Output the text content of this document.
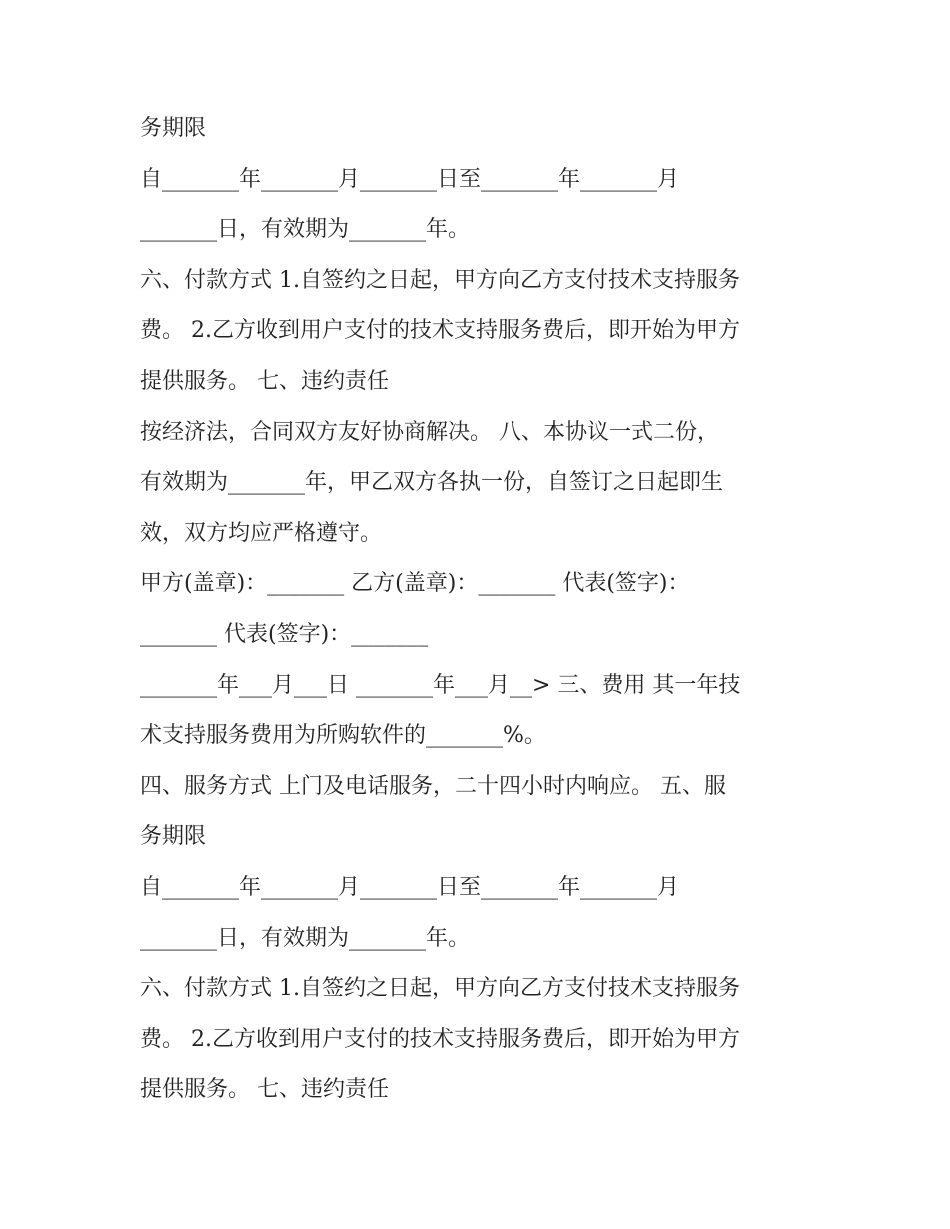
务期限

自_______年_______月_______日至_______年_______月

_______日，有效期为_______年。

六、付款方式 1.自签约之日起，甲方向乙方支付技术支持服务

费。 2.乙方收到用户支付的技术支持服务费后，即开始为甲方

提供服务。 七、违约责任

按经济法，合同双方友好协商解决。 八、本协议一式二份，

有效期为_______年，甲乙双方各执一份，自签订之日起即生

效，双方均应严格遵守。

甲方(盖章)：_______ 乙方(盖章)：_______ 代表(签字)：

_______ 代表(签字)：_______

_______年___月___日 _______年___月__> 三、费用 其一年技

术支持服务费用为所购软件的_______%。

四、服务方式 上门及电话服务，二十四小时内响应。 五、服

务期限

自_______年_______月_______日至_______年_______月

_______日，有效期为_______年。

六、付款方式 1.自签约之日起，甲方向乙方支付技术支持服务

费。 2.乙方收到用户支付的技术支持服务费后，即开始为甲方

提供服务。 七、违约责任
